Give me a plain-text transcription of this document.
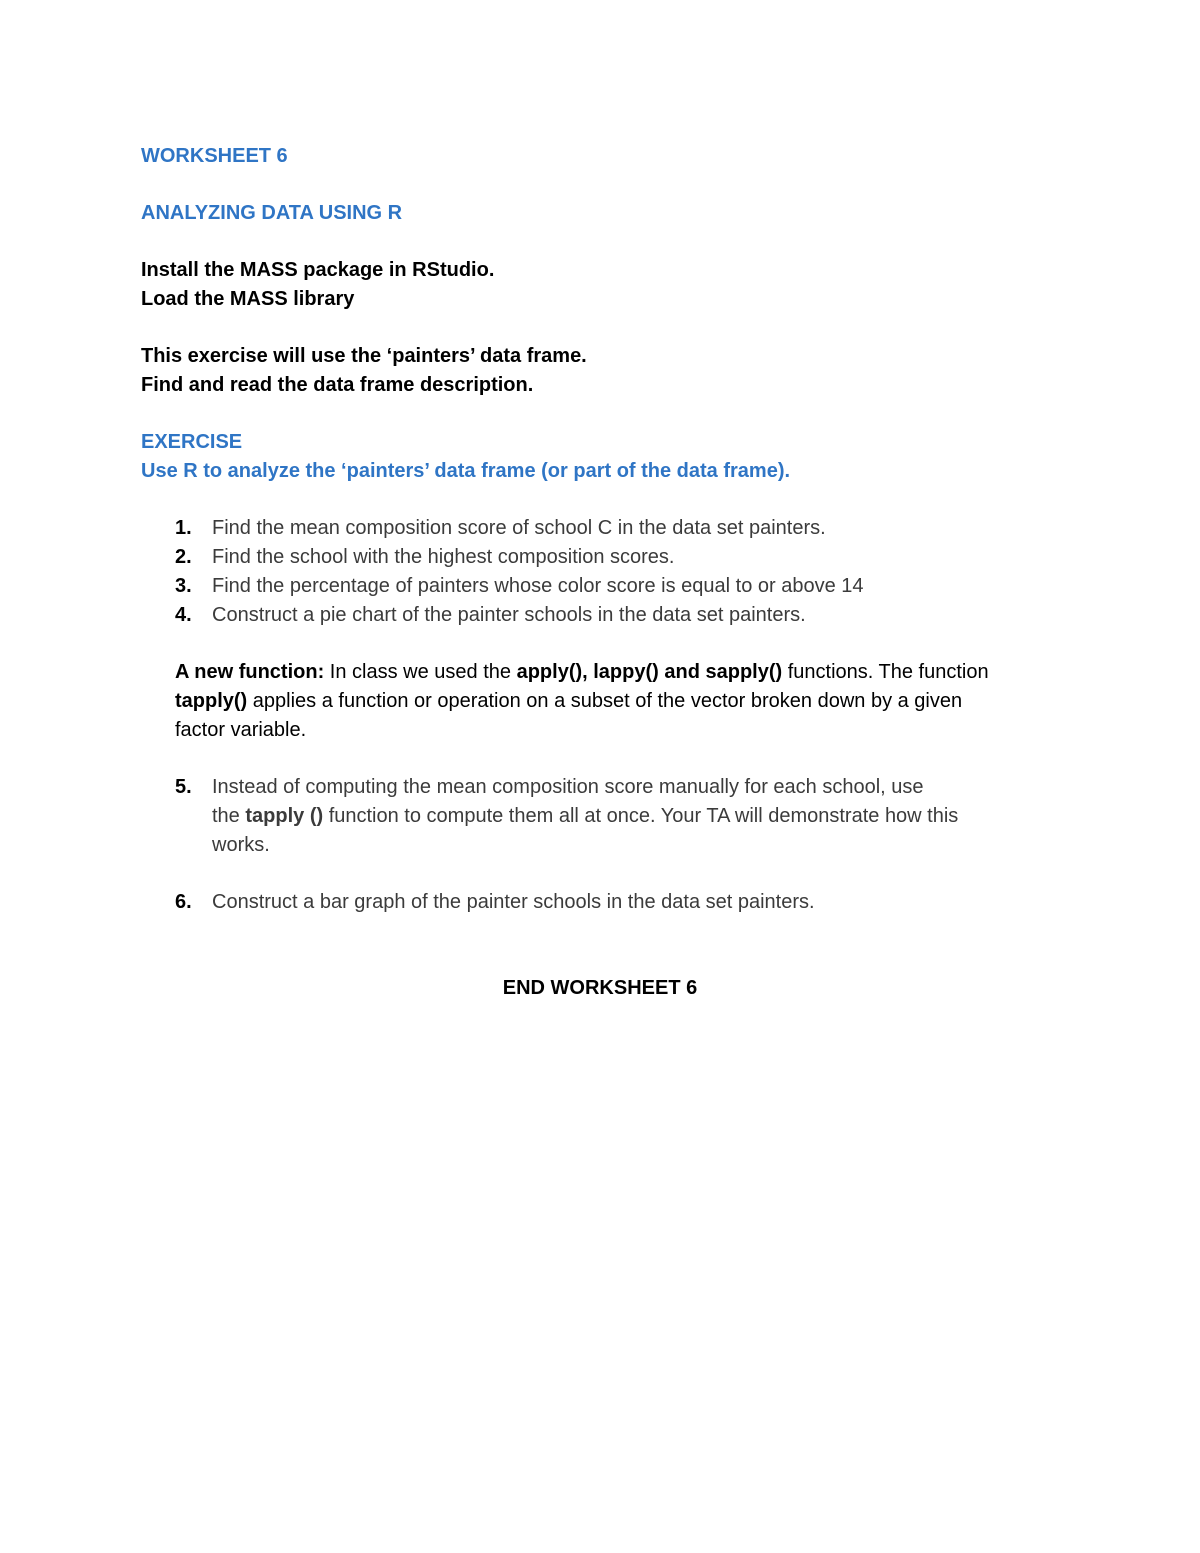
WORKSHEET 6
ANALYZING DATA USING R
Install the MASS package in RStudio.
Load the MASS library
This exercise will use the ‘painters’ data frame.
Find and read the data frame description.
EXERCISE
Use R to analyze the ‘painters’ data frame (or part of the data frame).
1. Find the mean composition score of school C in the data set painters.
2. Find the school with the highest composition scores.
3. Find the percentage of painters whose color score is equal to or above 14
4. Construct a pie chart of the painter schools in the data set painters.
A new function: In class we used the apply(), lappy() and sapply() functions. The function
tapply() applies a function or operation on a subset of the vector broken down by a given
factor variable.
5. Instead of computing the mean composition score manually for each school, use
the tapply () function to compute them all at once. Your TA will demonstrate how this
works.
6. Construct a bar graph of the painter schools in the data set painters.
END WORKSHEET 6
